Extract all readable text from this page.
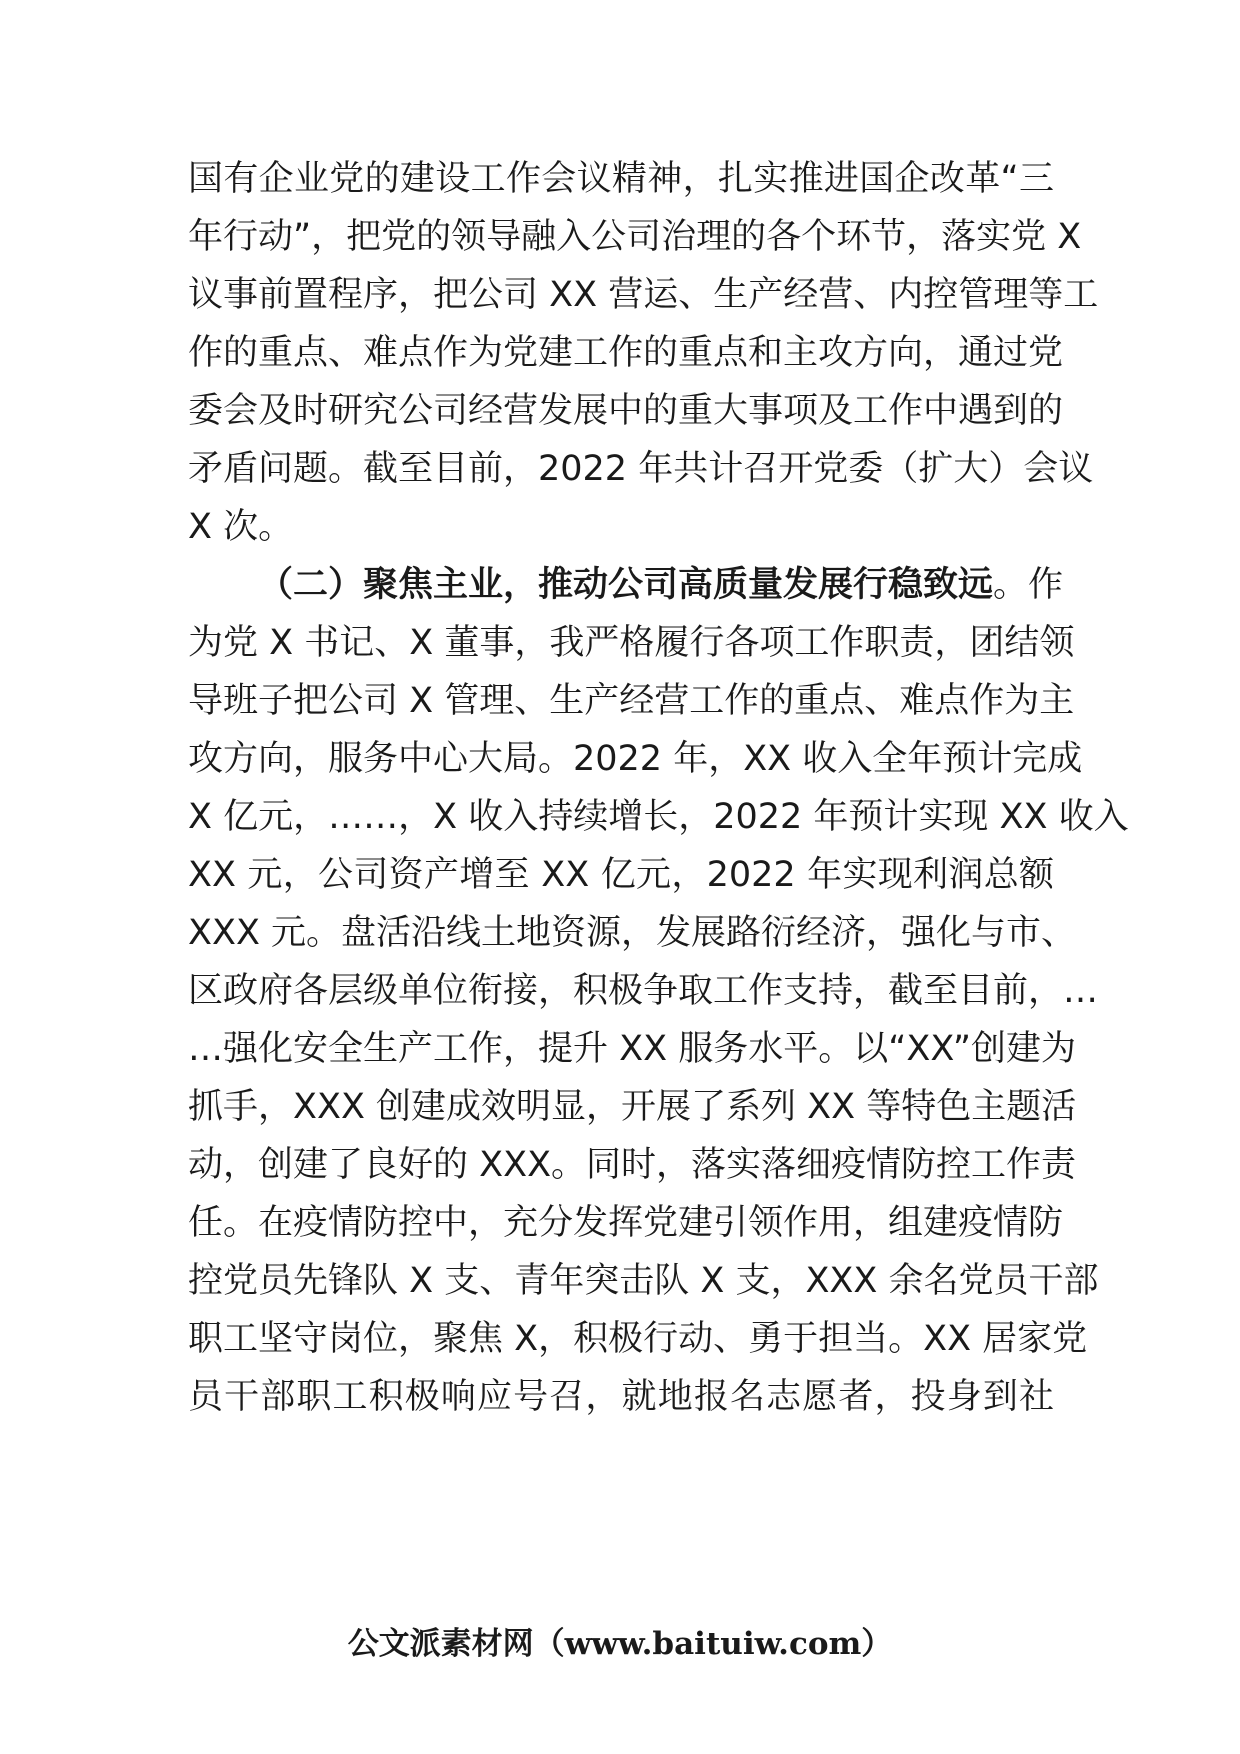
国有企业党的建设工作会议精神，扎实推进国企改革“三
年行动”，把党的领导融入公司治理的各个环节，落实党 X
议事前置程序，把公司 XX 营运、生产经营、内控管理等工
作的重点、难点作为党建工作的重点和主攻方向，通过党
委会及时研究公司经营发展中的重大事项及工作中遇到的
矛盾问题。截至目前，2022 年共计召开党委（扩大）会议
X 次。
（二）聚焦主业，推动公司高质量发展行稳致远。作
为党 X 书记、X 董事，我严格履行各项工作职责，团结领
导班子把公司 X 管理、生产经营工作的重点、难点作为主
攻方向，服务中心大局。2022 年，XX 收入全年预计完成
X 亿元，……，X 收入持续增长，2022 年预计实现 XX 收入
XX 元，公司资产增至 XX 亿元，2022 年实现利润总额
XXX 元。盘活沿线土地资源，发展路衍经济，强化与市、
区政府各层级单位衔接，积极争取工作支持，截至目前，…
…强化安全生产工作，提升 XX 服务水平。以“XX”创建为
抓手，XXX 创建成效明显，开展了系列 XX 等特色主题活
动，创建了良好的 XXX。同时，落实落细疫情防控工作责
任。在疫情防控中，充分发挥党建引领作用，组建疫情防
控党员先锋队 X 支、青年突击队 X 支，XXX 余名党员干部
职工坚守岗位，聚焦 X，积极行动、勇于担当。XX 居家党
员干部职工积极响应号召，就地报名志愿者，投身到社
公文派素材网（www.baituiw.com）
